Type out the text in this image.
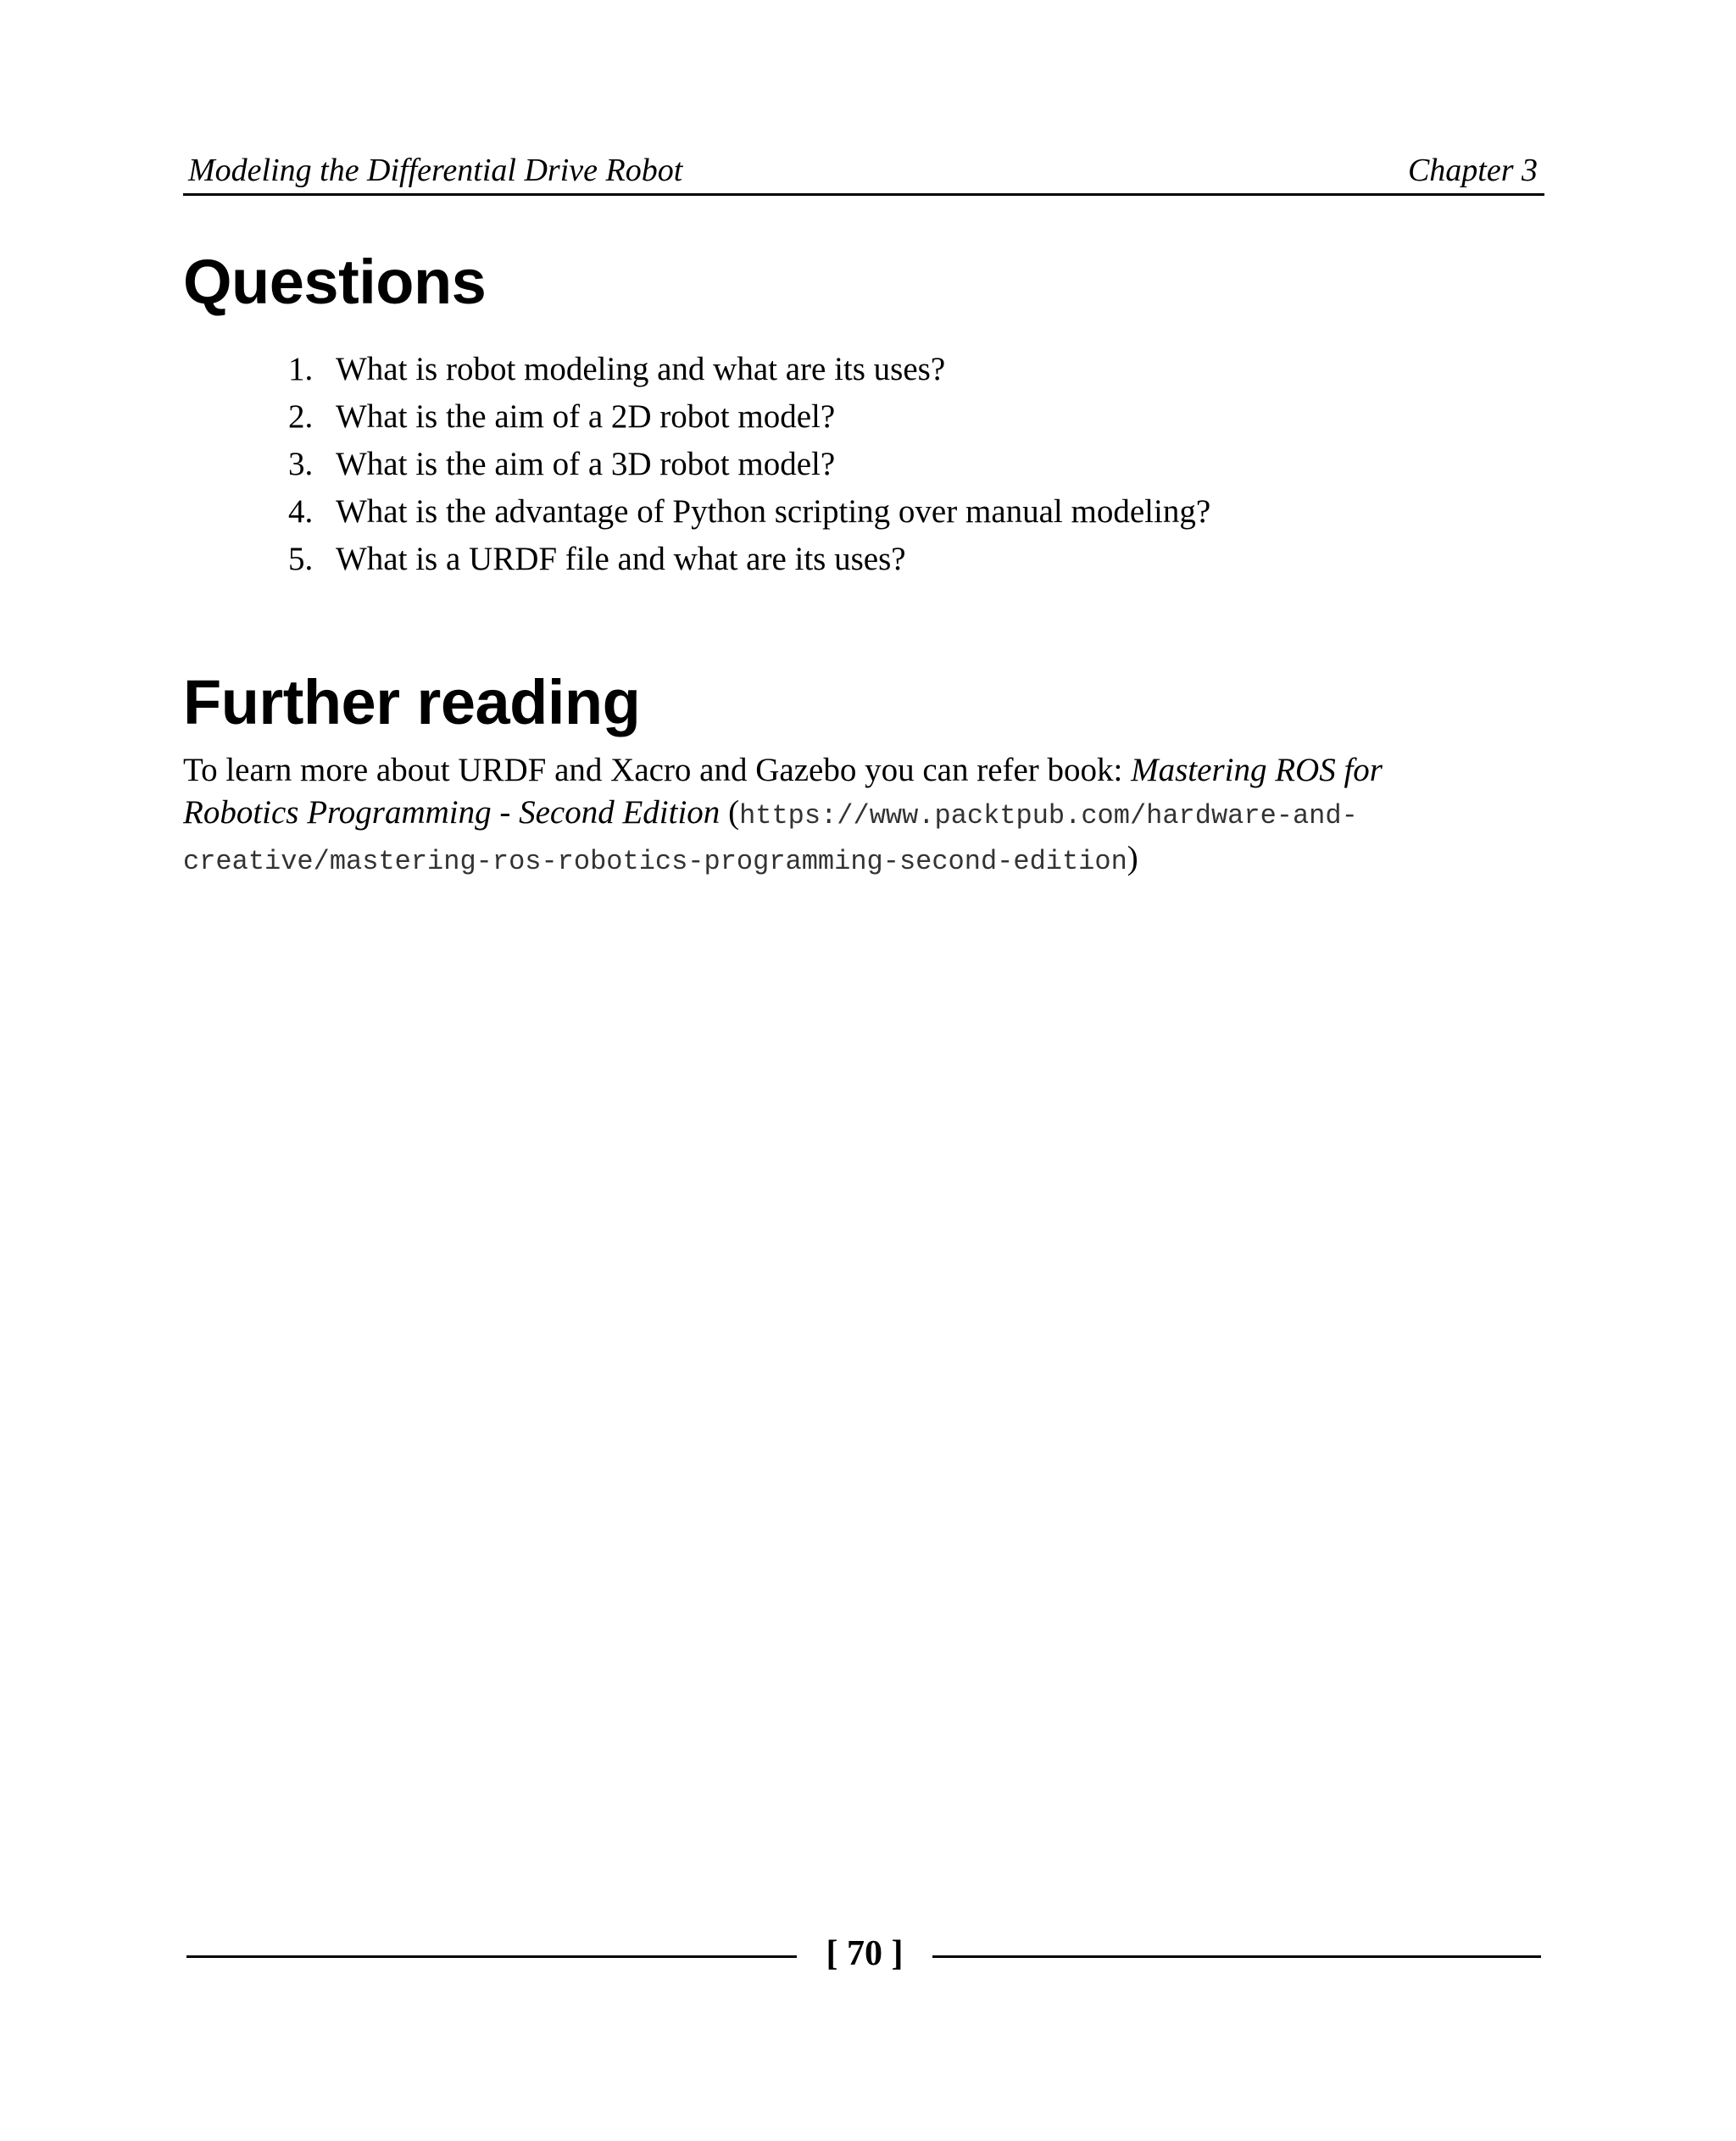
Modeling the Differential Drive Robot	Chapter 3
Questions
1. What is robot modeling and what are its uses?
2. What is the aim of a 2D robot model?
3. What is the aim of a 3D robot model?
4. What is the advantage of Python scripting over manual modeling?
5. What is a URDF file and what are its uses?
Further reading

To learn more about URDF and Xacro and Gazebo you can refer book: Mastering ROS for
Robotics Programming - Second Edition (https://www.packtpub.com/hardware-and-
creative/mastering-ros-robotics-programming-second-edition)

[ 70 ]
